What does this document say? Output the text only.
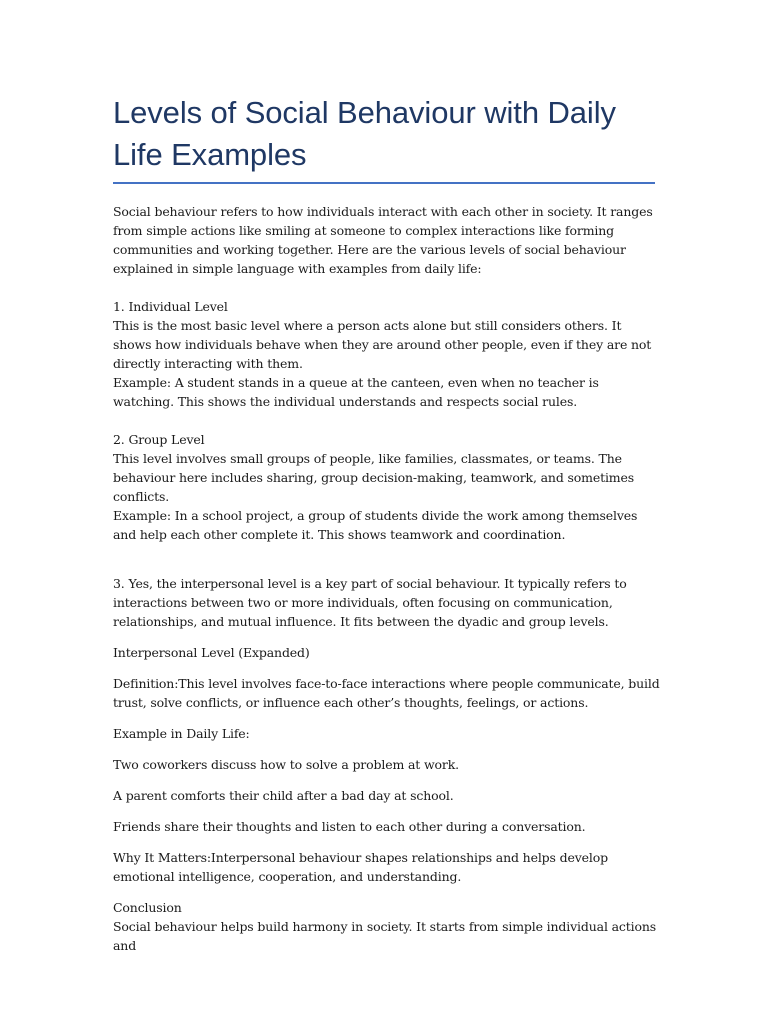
Levels of Social Behaviour with Daily Life Examples

Social behaviour refers to how individuals interact with each other in society. It ranges from simple actions like smiling at someone to complex interactions like forming communities and working together. Here are the various levels of social behaviour explained in simple language with examples from daily life:

1. Individual Level

This is the most basic level where a person acts alone but still considers others. It shows how individuals behave when they are around other people, even if they are not directly interacting with them.

Example: A student stands in a queue at the canteen, even when no teacher is watching. This shows the individual understands and respects social rules.

2. Group Level

This level involves small groups of people, like families, classmates, or teams. The behaviour here includes sharing, group decision-making, teamwork, and sometimes conflicts.

Example: In a school project, a group of students divide the work among themselves and help each other complete it. This shows teamwork and coordination.

3. Yes, the interpersonal level is a key part of social behaviour. It typically refers to interactions between two or more individuals, often focusing on communication, relationships, and mutual influence. It fits between the dyadic and group levels.

Interpersonal Level (Expanded)

Definition:This level involves face-to-face interactions where people communicate, build trust, solve conflicts, or influence each other’s thoughts, feelings, or actions.

Example in Daily Life:

Two coworkers discuss how to solve a problem at work.

A parent comforts their child after a bad day at school.

Friends share their thoughts and listen to each other during a conversation.

Why It Matters:Interpersonal behaviour shapes relationships and helps develop emotional intelligence, cooperation, and understanding.

Conclusion

Social behaviour helps build harmony in society. It starts from simple individual actions and
